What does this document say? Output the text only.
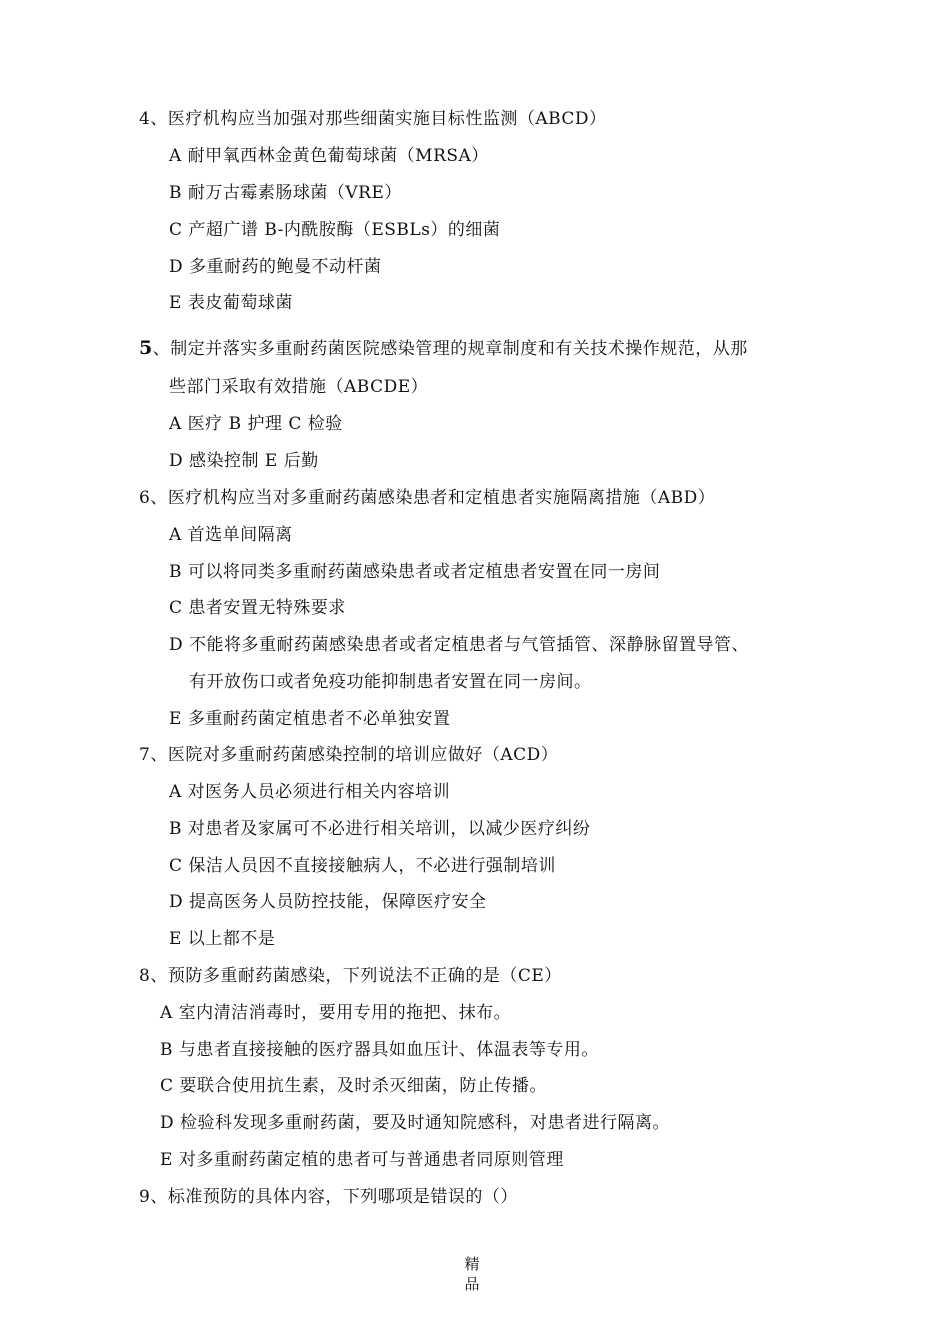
4、医疗机构应当加强对那些细菌实施目标性监测（ABCD）
A 耐甲氧西林金黄色葡萄球菌（MRSA）
B 耐万古霉素肠球菌（VRE）
C 产超广谱 B-内酰胺酶（ESBLs）的细菌
D 多重耐药的鲍曼不动杆菌
E 表皮葡萄球菌
5、制定并落实多重耐药菌医院感染管理的规章制度和有关技术操作规范，从那
些部门采取有效措施（ABCDE）
A 医疗 B 护理 C 检验
D 感染控制 E 后勤
6、医疗机构应当对多重耐药菌感染患者和定植患者实施隔离措施（ABD）
A 首选单间隔离
B 可以将同类多重耐药菌感染患者或者定植患者安置在同一房间
C 患者安置无特殊要求
D 不能将多重耐药菌感染患者或者定植患者与气管插管、深静脉留置导管、
有开放伤口或者免疫功能抑制患者安置在同一房间。
E 多重耐药菌定植患者不必单独安置
7、医院对多重耐药菌感染控制的培训应做好（ACD）
A 对医务人员必须进行相关内容培训
B 对患者及家属可不必进行相关培训，以减少医疗纠纷
C 保洁人员因不直接接触病人，不必进行强制培训
D 提高医务人员防控技能，保障医疗安全
E 以上都不是
8、预防多重耐药菌感染，下列说法不正确的是（CE）
A 室内清洁消毒时，要用专用的拖把、抹布。
B 与患者直接接触的医疗器具如血压计、体温表等专用。
C 要联合使用抗生素，及时杀灭细菌，防止传播。
D 检验科发现多重耐药菌，要及时通知院感科，对患者进行隔离。
E 对多重耐药菌定植的患者可与普通患者同原则管理
9、标准预防的具体内容，下列哪项是错误的（）
精
品
